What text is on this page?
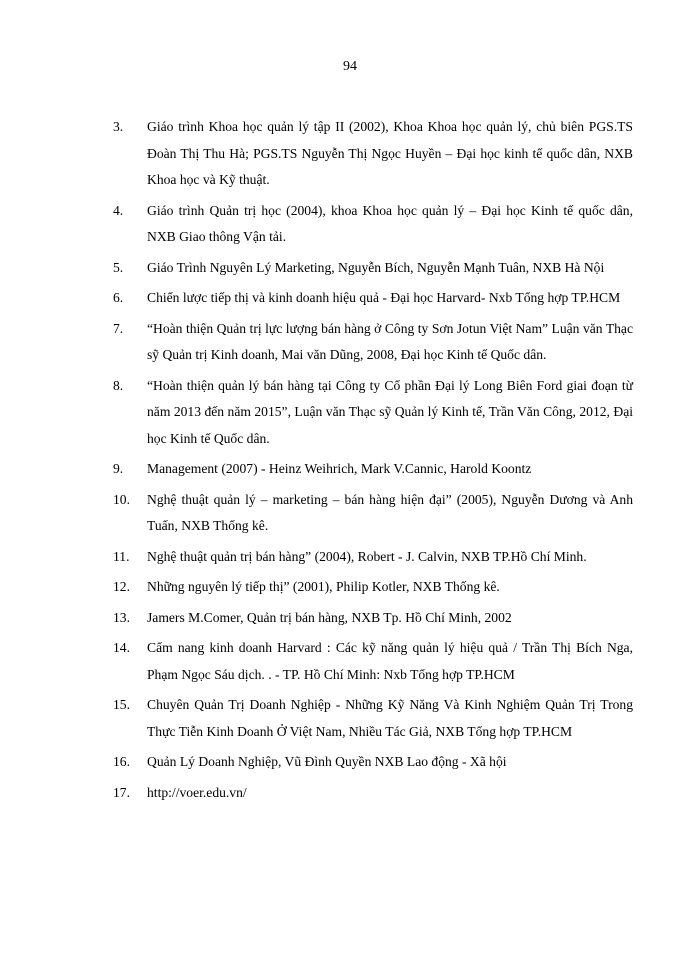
94
3.	Giáo trình Khoa học quản lý tập II (2002), Khoa Khoa học quản lý, chủ biên PGS.TS Đoàn Thị Thu Hà; PGS.TS Nguyễn Thị Ngọc Huyền – Đại học kinh tế quốc dân, NXB Khoa học và Kỹ thuật.
4.	Giáo trình Quản trị học (2004), khoa Khoa học quản lý – Đại học Kinh tế quốc dân, NXB Giao thông Vận tải.
5.	Giáo Trình Nguyên Lý Marketing, Nguyễn Bích, Nguyễn Mạnh Tuân, NXB Hà Nội
6.	Chiến lược tiếp thị và kinh doanh hiệu quả - Đại học Harvard- Nxb Tổng hợp TP.HCM
7.	“Hoàn thiện Quản trị lực lượng bán hàng ở Công ty Sơn Jotun Việt Nam” Luận văn Thạc sỹ Quản trị Kinh doanh, Mai văn Dũng, 2008, Đại học Kinh tế Quốc dân.
8.	“Hoàn thiện quản lý bán hàng tại Công ty Cổ phần Đại lý Long Biên Ford giai đoạn từ năm 2013 đến năm 2015”, Luận văn Thạc sỹ Quản lý Kinh tế, Trần Văn Công, 2012, Đại học Kinh tế Quốc dân.
9.	Management (2007) - Heinz Weihrich, Mark V.Cannic, Harold Koontz
10.	Nghệ thuật quản lý – marketing – bán hàng hiện đại” (2005), Nguyễn Dương và Anh Tuấn, NXB Thống kê.
11.	Nghệ thuật quản trị bán hàng” (2004), Robert - J. Calvin, NXB TP.Hồ Chí Minh.
12.	Những nguyên lý tiếp thị” (2001), Philip Kotler, NXB Thống kê.
13.	Jamers M.Comer, Quản trị bán hàng, NXB Tp. Hồ Chí Minh, 2002
14.	Cẩm nang kinh doanh Harvard : Các kỹ năng quản lý hiệu quả / Trần Thị Bích Nga, Phạm Ngọc Sáu dịch. . - TP. Hồ Chí Minh: Nxb Tổng hợp TP.HCM
15.	Chuyên Quản Trị Doanh Nghiệp - Những Kỹ Năng Và Kinh Nghiệm Quản Trị Trong Thực Tiễn Kinh Doanh Ở Việt Nam, Nhiều Tác Giả, NXB Tổng hợp TP.HCM
16.	Quản Lý Doanh Nghiệp, Vũ Đình Quyền NXB Lao động - Xã hội
17.	http://voer.edu.vn/
